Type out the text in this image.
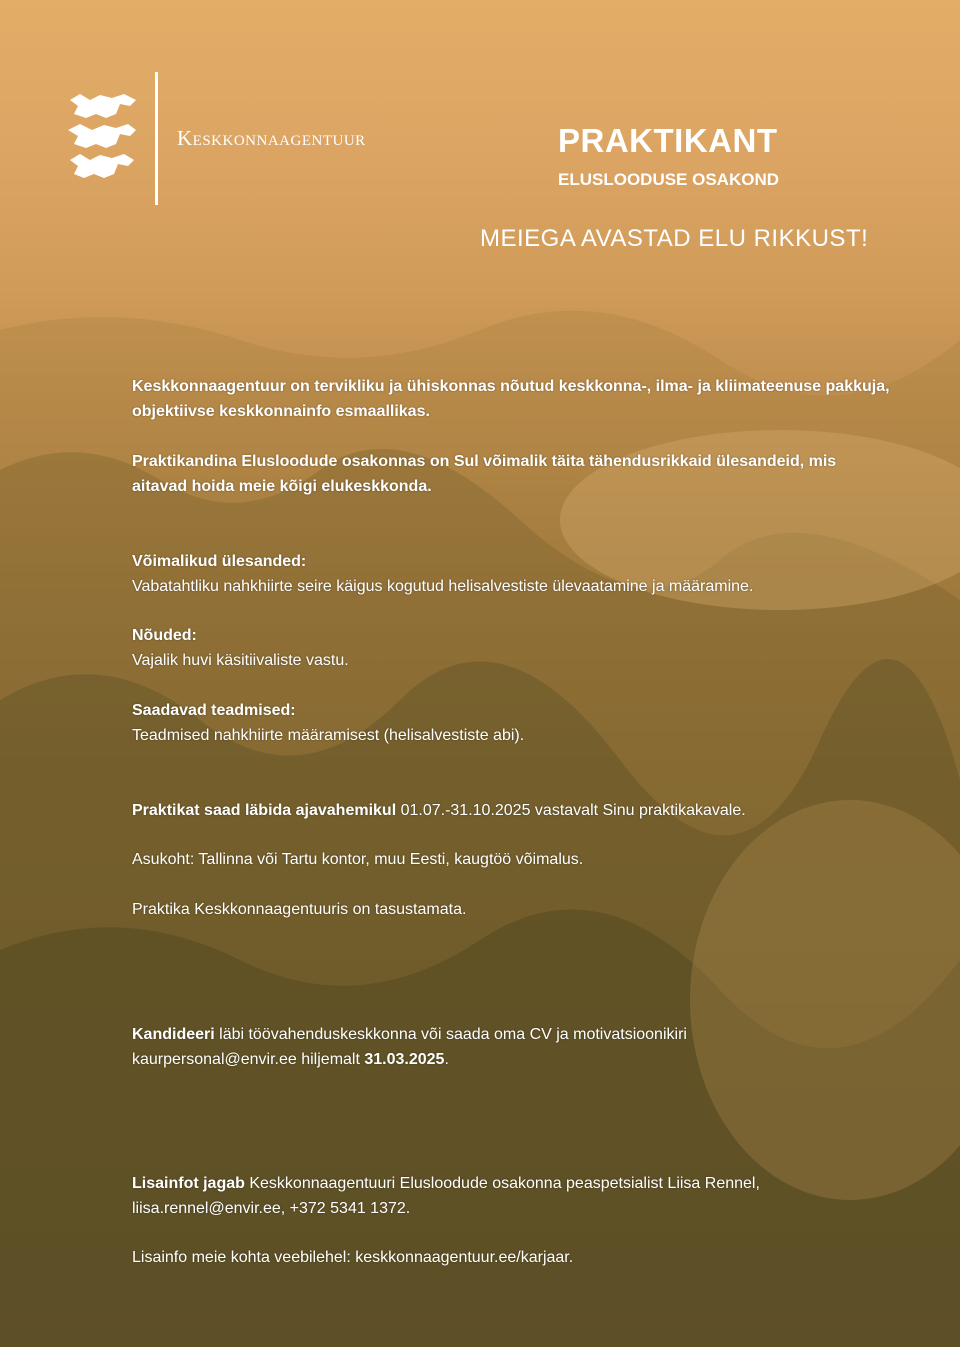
Keskkonnaagentuur	PRAKTIKANT
ELUSLOODUSE OSAKOND
MEIEGA AVASTAD ELU RIKKUST!
Keskkonnaagentuur on tervikliku ja ühiskonnas nõutud keskkonna-, ilma- ja kliimateenuse pakkuja, objektiivse keskkonnainfo esmaallikas.
Praktikandina Elusloodude osakonnas on Sul võimalik täita tähendusrikkaid ülesandeid, mis aitavad hoida meie kõigi elukeskkonda.
Võimalikud ülesanded:
Vabatahtliku nahkhiirte seire käigus kogutud helisalvestiste ülevaatamine ja määramine.
Nõuded:
Vajalik huvi käsitiivaliste vastu.
Saadavad teadmised:
Teadmised nahkhiirte määramisest (helisalvestiste abi).
Praktikat saad läbida ajavahemikul 01.07.-31.10.2025 vastavalt Sinu praktikakavale.
Asukoht: Tallinna või Tartu kontor, muu Eesti, kaugtöö võimalus.
Praktika Keskkonnaagentuuris on tasustamata.
Kandideeri läbi töövahenduskeskkonna või saada oma CV ja motivatsioonikiri
kaurpersonal@envir.ee hiljemalt 31.03.2025.
Lisainfot jagab Keskkonnaagentuuri Elusloodude osakonna peaspetsialist Liisa Rennel,
liisa.rennel@envir.ee, +372 5341 1372.
Lisainfo meie kohta veebilehel: keskkonnaagentuur.ee/karjaar.
